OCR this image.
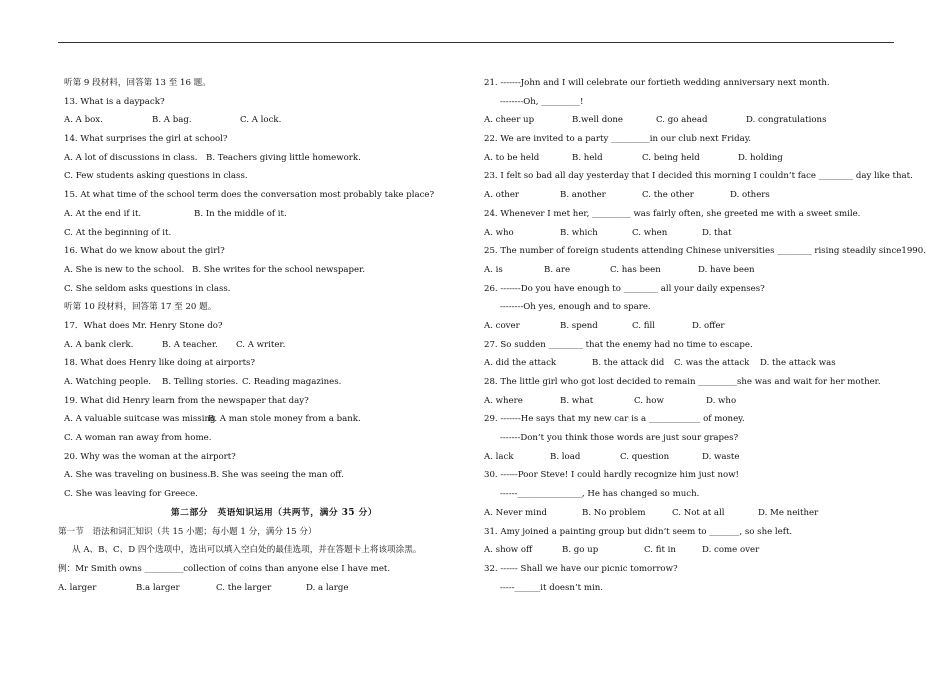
听第 9 段材料，回答第 13 至 16 题。
13. What is a daypack?

A. A box.

	B. A bag.

	C. A lock.

14. What surprises the girl at school?

A. A lot of discussions in class.

B. Teachers giving little homework.

C. Few students asking questions in class.
15. At what time of the school term does the conversation most probably take place?

A. At the end if it.

	B. In the middle of it.

C. At the beginning of it.
16. What do we know about the girl?

A. She is new to the school.

B. She writes for the school newspaper.

C. She seldom asks questions in class.
听第 10 段材料，回答第 17 至 20 题。
17．What does Mr. Henry Stone do?

A. A bank clerk.

	B. A teacher.

C. A writer.

18. What does Henry like doing at airports?

A. Watching people.

B. Telling stories.

C. Reading magazines.

19. What did Henry learn from the newspaper that day?

A. A valuable suitcase was missing

B. A man stole money from a bank.

C. A woman ran away from home.
20. Why was the woman at the airport?

A. She was traveling on business.

B. She was seeing the man off.

C. She was leaving for Greece.
第二部分　英语知识运用（共两节，满分 35 分）
第一节　语法和词汇知识（共 15 小题；每小题 1 分，满分 15 分）
从 A、B、C、D 四个选项中，选出可以填入空白处的最佳选项，并在答题卡上将该项涂黑。
例：Mr Smith owns _________collection of coins than anyone else I have met.

A. larger

	B.a larger

	C. the larger

	D. a large

21. -------John and I will celebrate our fortieth wedding anniversary next month.
--------Oh, _________!

A. cheer up

	B.well done

	C. go ahead

	D. congratulations

22. We are invited to a party _________in our club next Friday.

A. to be held

	B. held

	C. being held

	D. holding

23. I felt so bad all day yesterday that I decided this morning I couldn’t face ________ day like that.

A. other

	B. another

	C. the other

	D. others

24. Whenever I met her, _________ was fairly often, she greeted me with a sweet smile.

A. who

	B. which

	C. when

	D. that

25. The number of foreign students attending Chinese universities ________ rising steadily since1990.

A. is

	B. are

	C. has been

	D. have been

26. -------Do you have enough to ________ all your daily expenses?
--------Oh yes, enough and to spare.

A. cover

	B. spend

	C. fill

	D. offer

27. So sudden ________ that the enemy had no time to escape.

A. did the attack

	B. the attack did

C. was the attack

D. the attack was

28. The little girl who got lost decided to remain _________she was and wait for her mother.

A. where

	B. what

	C. how

	D. who

29. -------He says that my new car is a ____________ of money.
-------Don’t you think those words are just sour grapes?

A. lack

	B. load

	C. question

	D. waste

30. ------Poor Steve! I could hardly recognize him just now!
------_______________, He has changed so much.

A. Never mind

	B. No problem

	C. Not at all

	D. Me neither

31. Amy joined a painting group but didn’t seem to _______, so she left.

A. show off

	B. go up

	C. fit in

	D. come over

32. ------ Shall we have our picnic tomorrow?
-----______it doesn’t min.
